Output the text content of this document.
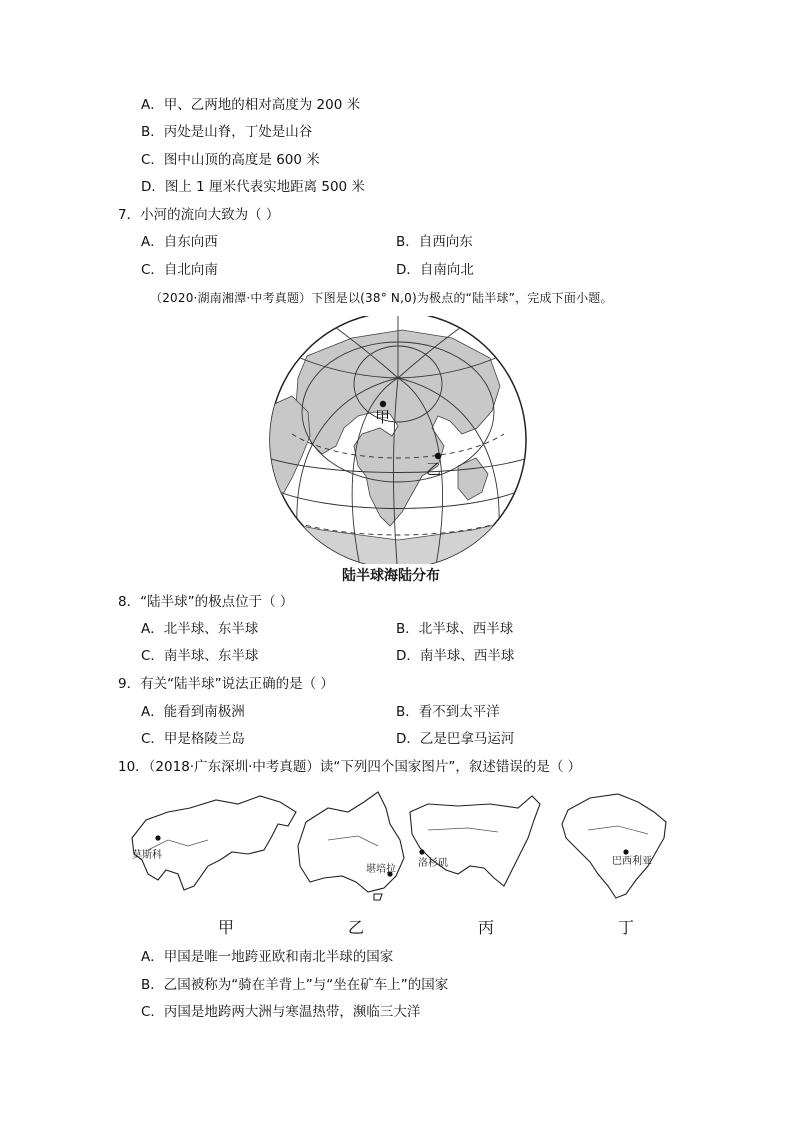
A．甲、乙两地的相对高度为 200 米
B．丙处是山脊，丁处是山谷
C．图中山顶的高度是 600 米
D．图上 1 厘米代表实地距离 500 米
7．小河的流向大致为（ ）
A．自东向西	B．自西向东
C．自北向南	D．自南向北
（2020·湖南湘潭·中考真题）下图是以(38° N,0)为极点的“陆半球”，完成下面小题。
甲
乙
陆半球海陆分布
8．“陆半球”的极点位于（ ）
A．北半球、东半球	B．北半球、西半球
C．南半球、东半球	D．南半球、西半球
9．有关“陆半球”说法正确的是（ ）
A．能看到南极洲	B．看不到太平洋
C．甲是格陵兰岛	D．乙是巴拿马运河
10．（2018·广东深圳·中考真题）读“下列四个国家图片”，叙述错误的是（ ）
莫斯科
堪培拉
洛杉矶	巴西利亚
甲	乙	丙	丁
A．甲国是唯一地跨亚欧和南北半球的国家
B．乙国被称为“骑在羊背上”与“坐在矿车上”的国家
C．丙国是地跨两大洲与寒温热带，濒临三大洋
